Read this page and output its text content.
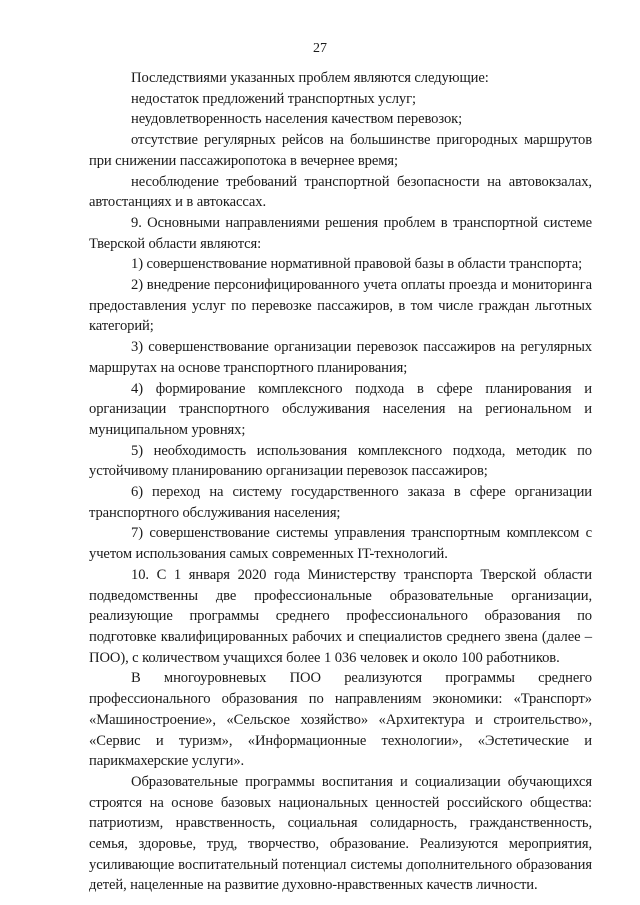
27

Последствиями указанных проблем являются следующие:

недостаток предложений транспортных услуг;

неудовлетворенность населения качеством перевозок;

отсутствие регулярных рейсов на большинстве пригородных маршрутов при снижении пассажиропотока в вечернее время;

несоблюдение требований транспортной безопасности на автовокзалах, автостанциях и в автокассах.

9. Основными направлениями решения проблем в транспортной системе Тверской области являются:

1) совершенствование нормативной правовой базы в области транспорта;

2) внедрение персонифицированного учета оплаты проезда и мониторинга предоставления услуг по перевозке пассажиров, в том числе граждан льготных категорий;

3) совершенствование организации перевозок пассажиров на регулярных маршрутах на основе транспортного планирования;

4) формирование комплексного подхода в сфере планирования и организации транспортного обслуживания населения на региональном и муниципальном уровнях;

5) необходимость использования комплексного подхода, методик по устойчивому планированию организации перевозок пассажиров;

6) переход на систему государственного заказа в сфере организации транспортного обслуживания населения;

7) совершенствование системы управления транспортным комплексом с учетом использования самых современных IT-технологий.

10. С 1 января 2020 года Министерству транспорта Тверской области подведомственны две профессиональные образовательные организации, реализующие программы среднего профессионального образования по подготовке квалифицированных рабочих и специалистов среднего звена (далее – ПОО), с количеством учащихся более 1 036 человек и около 100 работников.

В многоуровневых ПОО реализуются программы среднего профессионального образования по направлениям экономики: «Транспорт» «Машиностроение», «Сельское хозяйство» «Архитектура и строительство», «Сервис и туризм», «Информационные технологии», «Эстетические и парикмахерские услуги».

Образовательные программы воспитания и социализации обучающихся строятся на основе базовых национальных ценностей российского общества: патриотизм, нравственность, социальная солидарность, гражданственность, семья, здоровье, труд, творчество, образование. Реализуются мероприятия, усиливающие воспитательный потенциал системы дополнительного образования детей, нацеленные на развитие духовно-нравственных качеств личности.
